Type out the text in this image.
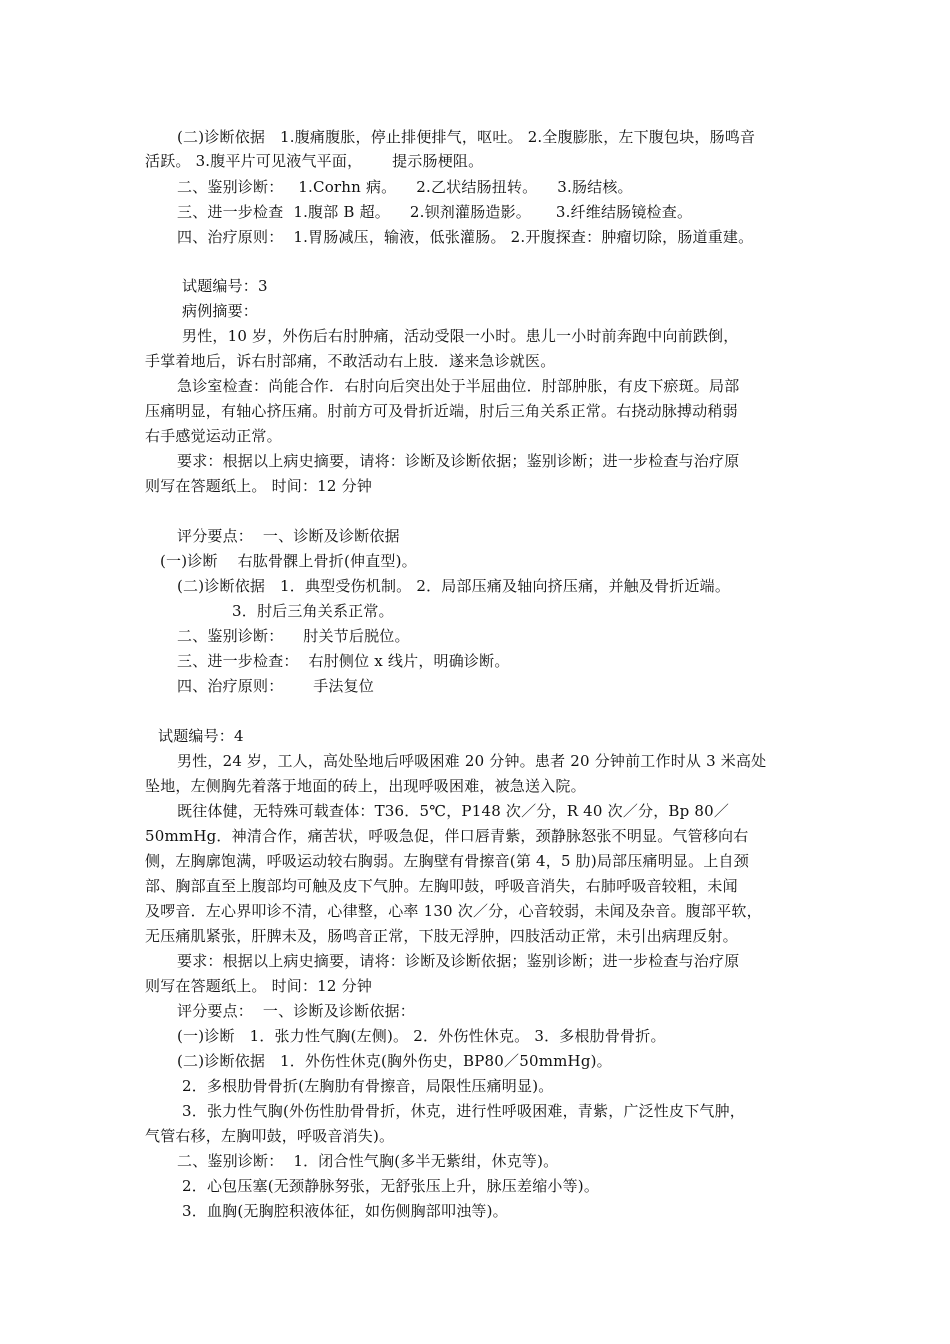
(二)诊断依据   1.腹痛腹胀，停止排便排气，呕吐。 2.全腹膨胀，左下腹包块，肠鸣音
活跃。 3.腹平片可见液气平面，      提示肠梗阻。
二、鉴别诊断：   1.Corhn 病。    2.乙状结肠扭转。    3.肠结核。
三、进一步检查  1.腹部 B 超。    2.钡剂灌肠造影。     3.纤维结肠镜检查。
四、治疗原则：  1.胃肠减压，输液，低张灌肠。 2.开腹探查：肿瘤切除，肠道重建。
试题编号：3
病例摘要：
男性，10 岁，外伤后右肘肿痛，活动受限一小时。患儿一小时前奔跑中向前跌倒，
手掌着地后，诉右肘部痛，不敢活动右上肢．遂来急诊就医。
急诊室检查：尚能合作．右肘向后突出处于半屈曲位．肘部肿胀，有皮下瘀斑。局部
压痛明显，有轴心挤压痛。肘前方可及骨折近端，肘后三角关系正常。右挠动脉搏动稍弱
右手感觉运动正常。
要求：根据以上病史摘要，请将：诊断及诊断依据；鉴别诊断；进一步检查与治疗原
则写在答题纸上。 时间：12 分钟
评分要点：  一、诊断及诊断依据
(一)诊断    右肱骨髁上骨折(伸直型)。
(二)诊断依据   1．典型受伤机制。 2．局部压痛及轴向挤压痛，并触及骨折近端。
3．肘后三角关系正常。
二、鉴别诊断：    肘关节后脱位。
三、进一步检查：  右肘侧位 x 线片，明确诊断。
四、治疗原则：      手法复位
试题编号：4
男性，24 岁，工人，高处坠地后呼吸困难 20 分钟。患者 20 分钟前工作时从 3 米高处
坠地，左侧胸先着落于地面的砖上，出现呼吸困难，被急送入院。
既往体健，无特殊可载查体：T36．5℃，P148 次／分，R 40 次／分，Bp 80／
50mmHg．神清合作，痛苦状，呼吸急促，伴口唇青紫，颈静脉怒张不明显。气管移向右
侧，左胸廓饱满，呼吸运动较右胸弱。左胸壁有骨擦音(第 4，5 肋)局部压痛明显。上自颈
部、胸部直至上腹部均可触及皮下气肿。左胸叩鼓，呼吸音消失，右肺呼吸音较粗，未闻
及啰音．左心界叩诊不清，心律整，心率 130 次／分，心音较弱，未闻及杂音。腹部平软，
无压痛肌紧张，肝脾未及，肠鸣音正常，下肢无浮肿，四肢活动正常，未引出病理反射。
要求：根据以上病史摘要，请将：诊断及诊断依据；鉴别诊断；进一步检查与治疗原
则写在答题纸上。 时间：12 分钟
评分要点：  一、诊断及诊断依据：
(一)诊断   1．张力性气胸(左侧)。 2．外伤性休克。 3．多根肋骨骨折。
(二)诊断依据   1．外伤性休克(胸外伤史，BP80／50mmHg)。
2．多根肋骨骨折(左胸肋有骨擦音，局限性压痛明显)。
3．张力性气胸(外伤性肋骨骨折，休克，进行性呼吸困难，青紫，广泛性皮下气肿，
气管右移，左胸叩鼓，呼吸音消失)。
二、鉴别诊断：  1．闭合性气胸(多半无紫绀，休克等)。
2．心包压塞(无颈静脉努张，无舒张压上升，脉压差缩小等)。
3．血胸(无胸腔积液体征，如伤侧胸部叩浊等)。
